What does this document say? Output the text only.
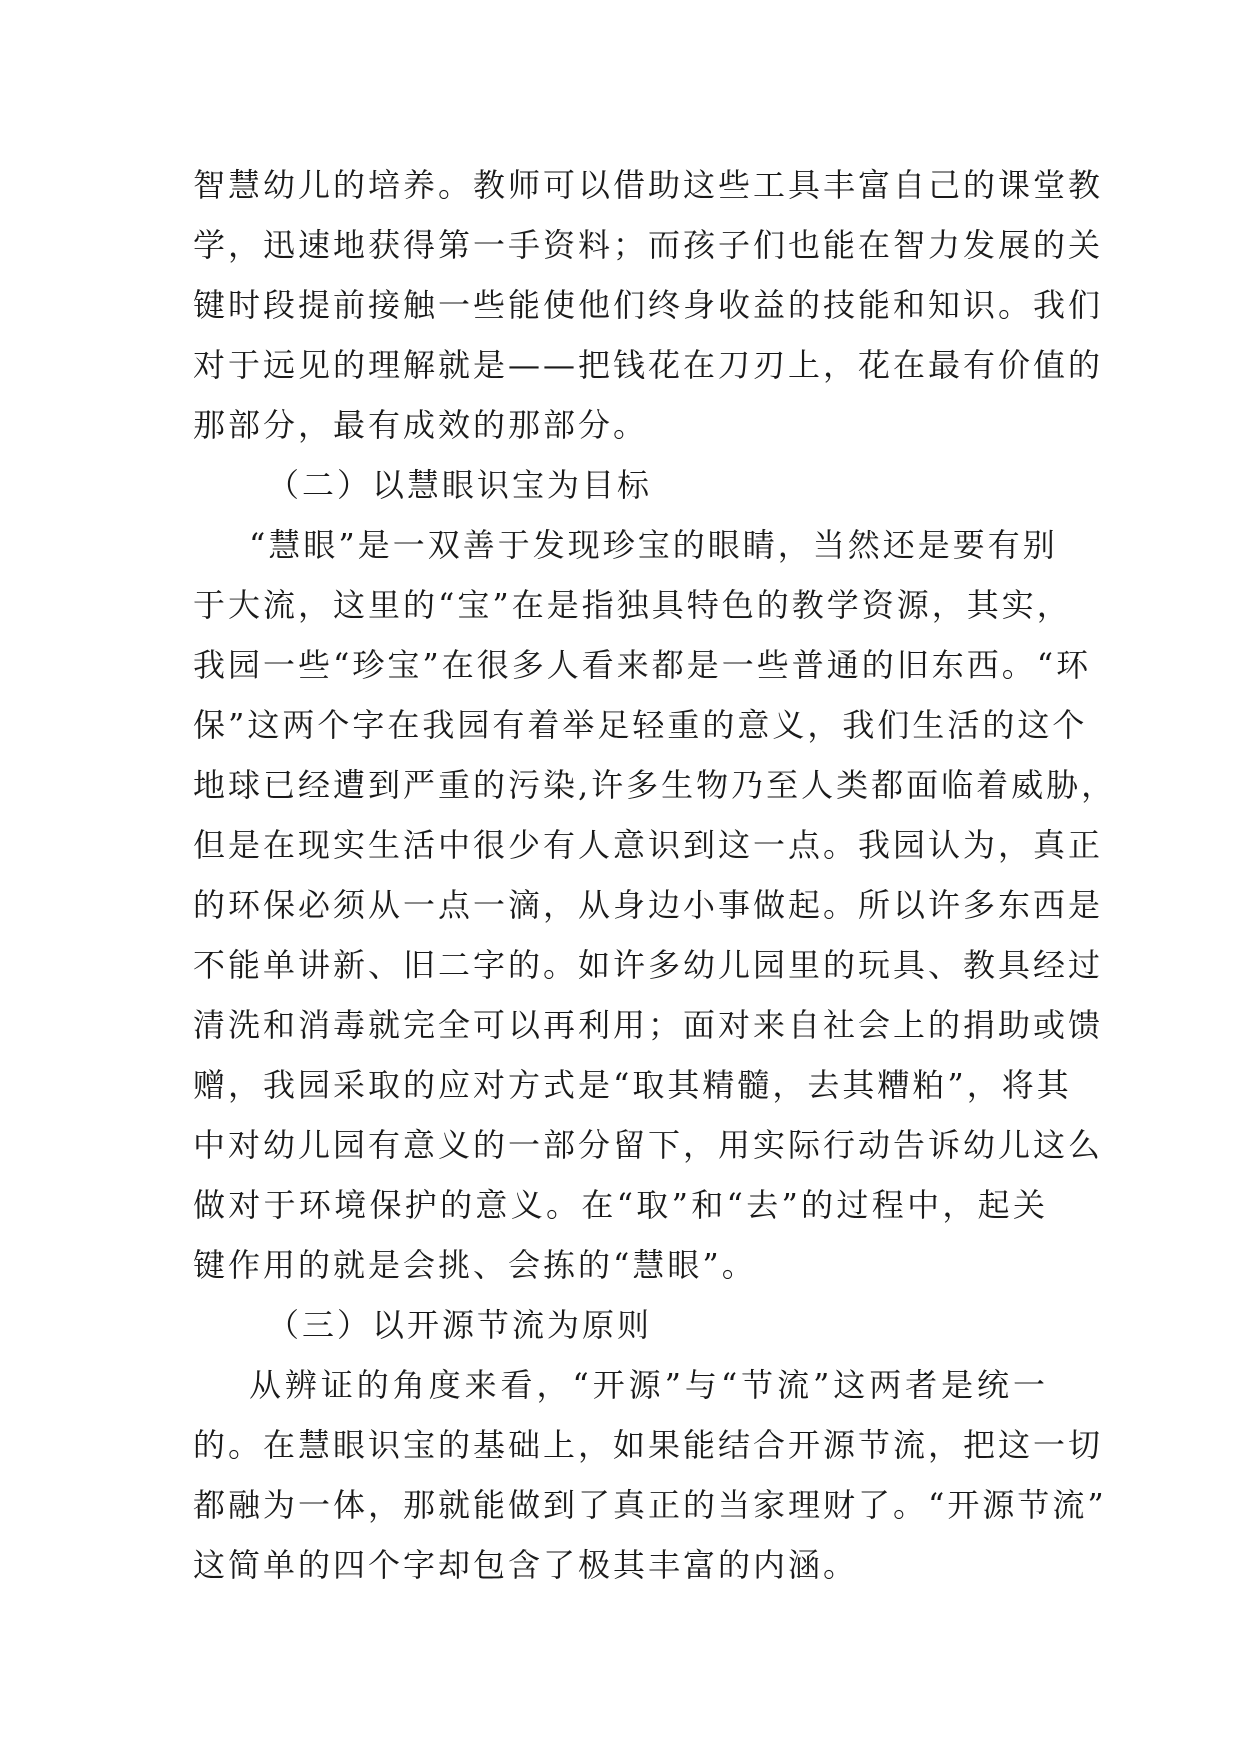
智慧幼儿的培养。教师可以借助这些工具丰富自己的课堂教
学，迅速地获得第一手资料；而孩子们也能在智力发展的关
键时段提前接触一些能使他们终身收益的技能和知识。我们
对于远见的理解就是——把钱花在刀刃上，花在最有价值的
那部分，最有成效的那部分。
（二）以慧眼识宝为目标
“慧眼”是一双善于发现珍宝的眼睛，当然还是要有别
于大流，这里的“宝”在是指独具特色的教学资源，其实，
我园一些“珍宝”在很多人看来都是一些普通的旧东西。“环
保”这两个字在我园有着举足轻重的意义，我们生活的这个
地球已经遭到严重的污染,许多生物乃至人类都面临着威胁，
但是在现实生活中很少有人意识到这一点。我园认为，真正
的环保必须从一点一滴，从身边小事做起。所以许多东西是
不能单讲新、旧二字的。如许多幼儿园里的玩具、教具经过
清洗和消毒就完全可以再利用；面对来自社会上的捐助或馈
赠，我园采取的应对方式是“取其精髓，去其糟粕”，将其
中对幼儿园有意义的一部分留下，用实际行动告诉幼儿这么
做对于环境保护的意义。在“取”和“去”的过程中，起关
键作用的就是会挑、会拣的“慧眼”。
（三）以开源节流为原则
从辨证的角度来看，“开源”与“节流”这两者是统一
的。在慧眼识宝的基础上，如果能结合开源节流，把这一切
都融为一体，那就能做到了真正的当家理财了。“开源节流”
这简单的四个字却包含了极其丰富的内涵。
